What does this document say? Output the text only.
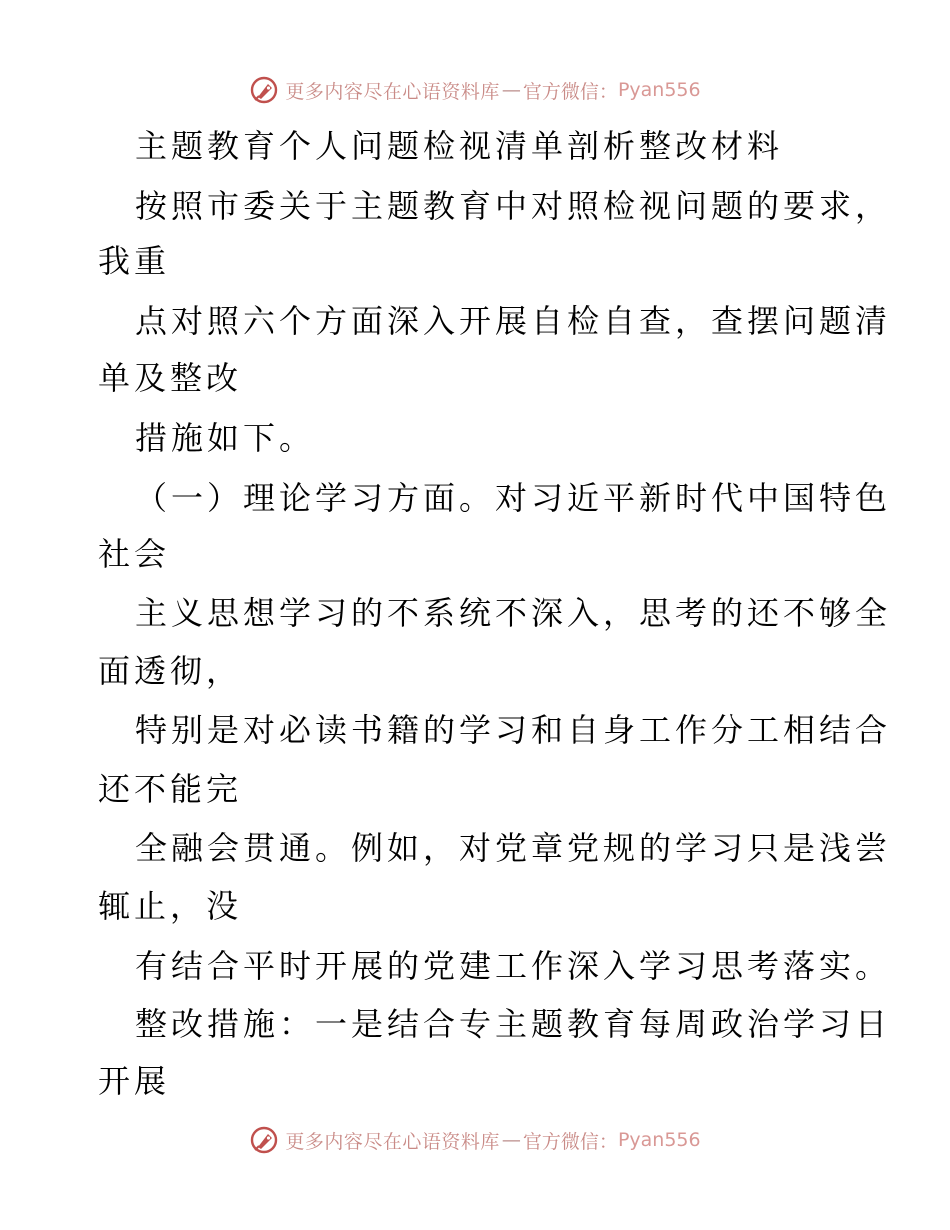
更多内容尽在心语资料库 — 官方微信： Pyan556
主题教育个人问题检视清单剖析整改材料
按照市委关于主题教育中对照检视问题的要求，
我重
点对照六个方面深入开展自检自查，查摆问题清
单及整改
措施如下。
（一）理论学习方面。对习近平新时代中国特色
社会
主义思想学习的不系统不深入，思考的还不够全
面透彻，
特别是对必读书籍的学习和自身工作分工相结合
还不能完
全融会贯通。例如，对党章党规的学习只是浅尝
辄止，没
有结合平时开展的党建工作深入学习思考落实。
整改措施：一是结合专主题教育每周政治学习日
开展
更多内容尽在心语资料库 — 官方微信： Pyan556
